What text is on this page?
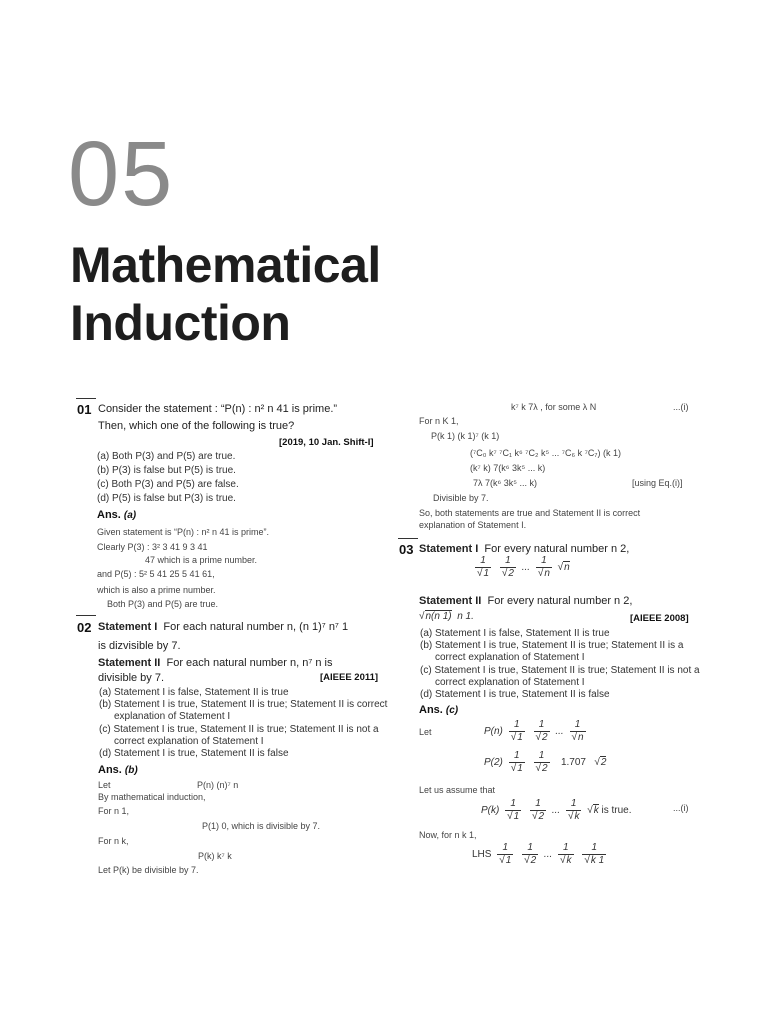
05
Mathematical
Induction
01 Consider the statement : “P(n) : n² n 41 is prime.”
Then, which one of the following is true?
[2019, 10 Jan. Shift-I]
(a) Both P(3) and P(5) are true.
(b) P(3) is false but P(5) is true.
(c) Both P(3) and P(5) are false.
(d) P(5) is false but P(3) is true.
Ans. (a)
Given statement is “P(n) : n² n 41 is prime”.
Clearly P(3) : 3² 3 41 9 3 41
47 which is a prime number.
and P(5) : 5² 5 41 25 5 41 61,
which is also a prime number.
Both P(3) and P(5) are true.
02 Statement I For each natural number n, (n 1)⁷ n⁷ 1
is dizvisible by 7.
Statement II For each natural number n, n⁷ n is
divisible by 7.	[AIEEE 2011]
(a) Statement I is false, Statement II is true
(b) Statement I is true, Statement II is true; Statement II is correct
explanation of Statement I
(c) Statement I is true, Statement II is true; Statement II is not a
correct explanation of Statement I
(d) Statement I is true, Statement II is false
Ans. (b)
Let	P(n) (n)⁷ n
By mathematical induction,
For n 1,
P(1) 0, which is divisible by 7.
For n k,
P(k) k⁷ k
Let P(k) be divisible by 7.
k⁷ k 7λ , for some λ N	...(i)
For n K 1,
P(k 1) (k 1)⁷ (k 1)
(⁷C₀ k⁷ ⁷C₁ k⁶ ⁷C₂ k⁵ ... ⁷C₆ k ⁷C₇) (k 1)
(k⁷ k) 7(k⁶ 3k⁵ ... k)
7λ 7(k⁶ 3k⁵ ... k)	[using Eq.(i)]
Divisible by 7.
So, both statements are true and Statement II is correct
explanation of Statement I.
03 Statement I For every natural number n 2,
$\frac{1}{√1}$
$\frac{1}{√2}$ ... $\frac{1}{√n} √n$
Statement II For every natural number n 2,
√n(n 1) n 1.	[AIEEE 2008]
(a) Statement I is false, Statement II is true
(b) Statement I is true, Statement II is true; Statement II is a
correct explanation of Statement I
(c) Statement I is true, Statement II is true; Statement II is not a
correct explanation of Statement I
(d) Statement I is true, Statement II is false
Ans. (c)
Let	$P(n) \frac{1}{√1}$
$\frac{1}{√2}$ ... $\frac{1}{√n}$
$P(2) \frac{1}{√1}$
$\frac{1}{√2} 1.707$ √2
Let us assume that
$P(k) \frac{1}{√1}$
$\frac{1}{√2}$ ... $\frac{1}{√k} √k$ is true.	...(i)
Now, for n k 1,
LHS $\frac{1}{√1}$
$\frac{1}{√2}$ ... $\frac{1}{√k}$
$\frac{1}{√k 1}$
